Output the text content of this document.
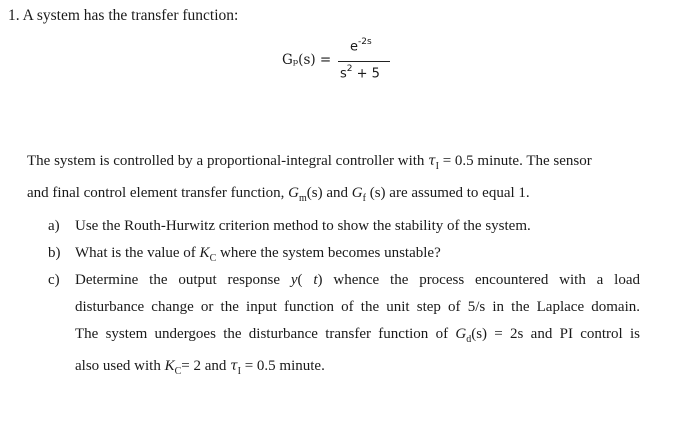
1. A system has the transfer function:
Gₚ(s) =
$e^{-2s}$
$s^2 + 5$
The system is controlled by a proportional-integral controller with $\tau_I = 0.5$ minute. The sensor
and final control element transfer function, $G_m(s)$ and $G_f$ (s) are assumed to equal 1.
a) Use the Routh-Hurwitz criterion method to show the stability of the system.
b) What is the value of $K_C$ where the system becomes unstable?
c) Determine the output response y( t) whence the process encountered with a load
disturbance change or the input function of the unit step of 5/s in the Laplace domain.
The system undergoes the disturbance transfer function of $G_d(s) = 2s$ and PI control is
also used with $K_C= 2$ and $\tau_I = 0.5$ minute.
